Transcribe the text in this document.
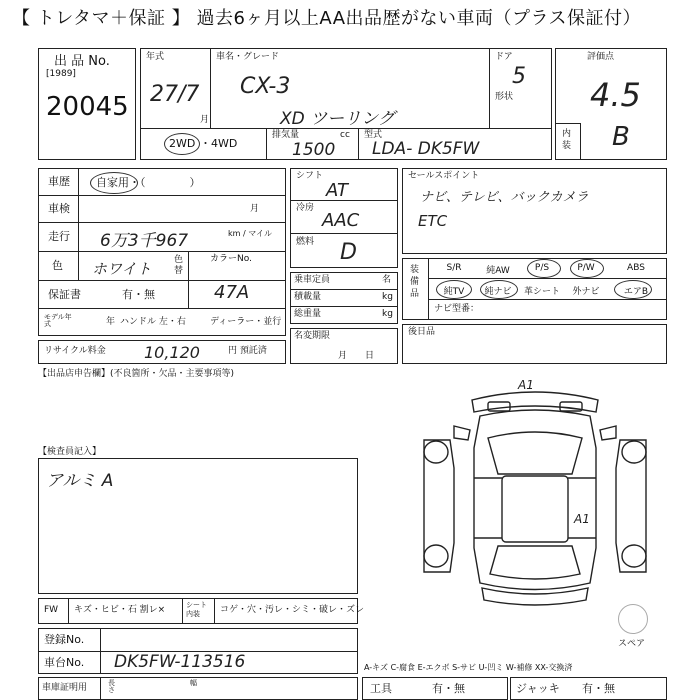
【 トレタマ＋保証 】 過去6ヶ月以上AA出品歴がない車両（プラス保証付）
出 品 No.
[1989]
20045
年式
27/7
月
車名・グレード
CX-3
XD ツーリング
ドア
5
形状
2WD ・4WD
排気量	cc
1500
型式
LDA- DK5FW
評価点
4.5
内装 B
車歴 自家用・（　　　　）
車検	月
走行 6万3千967	km / マイル
色 ホワイト 色替
カラーNo.
47A
保証書	有・無
モデル年式	年 ハンドル 左・右	ディーラー・並行
リサイクル料金 10,120	円 預託済
【出品店申告欄】(不良箇所・欠品・主要事項等)
シフト
AT
冷房
AAC
燃料 D
乗車定員	名
積載量	kg
総重量	kg
名変期限
月　　日
セールスポイント
ナビ、テレビ、バックカメラ
ETC
装備品
S/R	純AW	P/S	P/W	ABS
純TV	純ナビ	革シート	外ナビ	エアB
ナビ型番：
後日品
【検査員記入】
アルミ A
A1
A1
スペア
FW キズ・ヒビ・石 割レ×	シート内装	コゲ・穴・汚レ・シミ・破レ・ズレ
登録No.
車台No. DK5FW-113516	A-キズ C-腐食 E-エクボ S-サビ U-凹ミ W-補修 XX-交換済
車庫証明用	長さ
幅	工具	有・無	ジャッキ 有・無
